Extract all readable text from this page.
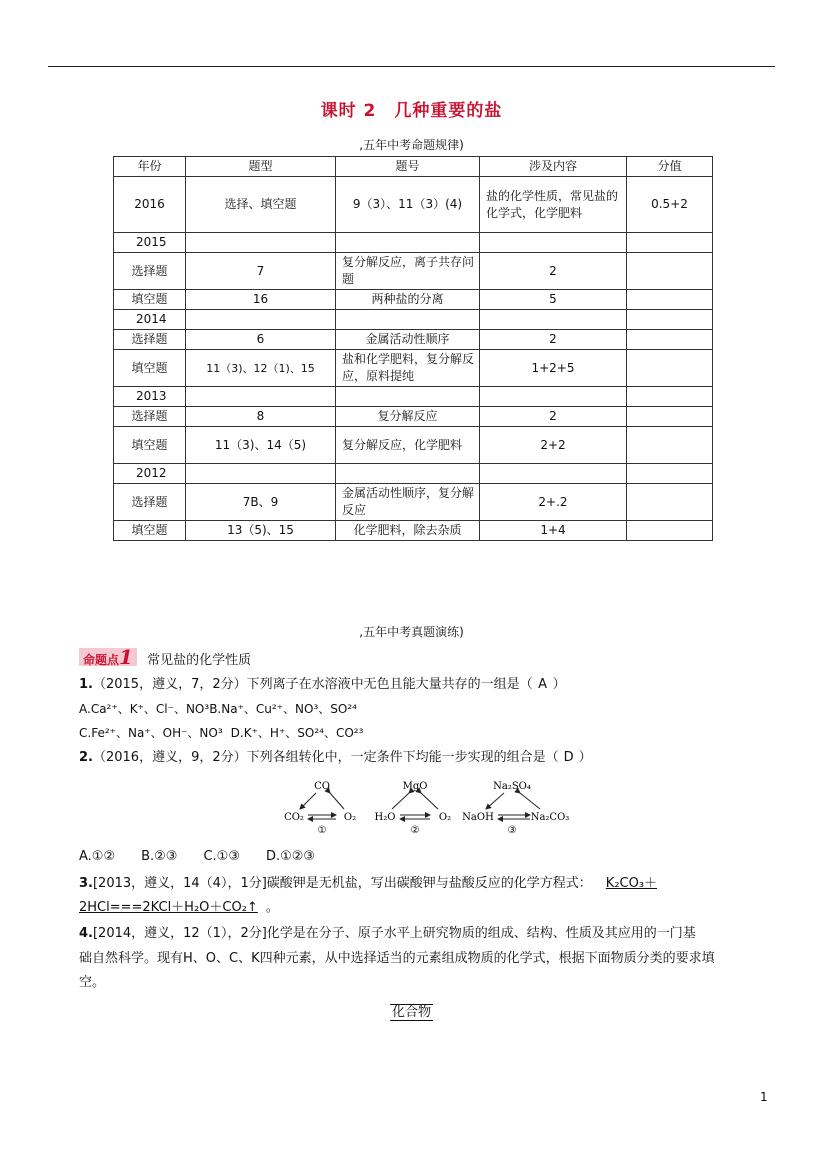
课时 2　几种重要的盐
,五年中考命题规律)
年份	题型	题号	涉及内容	分值
2016	选择、填空题	9（3）、11（3）(4)	盐的化学性质，常见盐的化学式，化学肥料	0.5+2
2015				
选择题	7	复分解反应，离子共存问题	2	
填空题	16	两种盐的分离	5	
2014				
选择题	6	金属活动性顺序	2	
填空题	11（3)、12（1)、15	盐和化学肥料，复分解反应，原料提纯	1+2+5	
2013				
选择题	8	复分解反应	2	
填空题	11（3)、14（5)	复分解反应，化学肥料	2+2	
2012				
选择题	7B、9	金属活动性顺序，复分解反应	2+.2	
填空题	13（5)、15	化学肥料，除去杂质	1+4	
,五年中考真题演练)
命题点1 常见盐的化学性质
1.（2015，遵义，7，2分）下列离子在水溶液中无色且能大量共存的一组是（ A ）
A.Ca²⁺、K⁺、Cl⁻、NO³B.Na⁺、Cu²⁺、NO³、SO²⁴
C.Fe²⁺、Na⁺、OH⁻、NO³ D.K⁺、H⁺、SO²⁴、CO²³
2.（2016，遵义，9，2分）下列各组转化中，一定条件下均能一步实现的组合是（ D ）
CO
CO₂	O₂
①
MgO
H₂O	O₂
②
Na₂SO₄
NaOH	Na₂CO₃
③
A.①②　　B.②③　　C.①③　　D.①②③
3.[2013，遵义，14（4），1分]碳酸钾是无机盐，写出碳酸钾与盐酸反应的化学方程式： K₂CO₃＋
2HCl===2KCl＋H₂O＋CO₂↑ 。
4.[2014，遵义，12（1），2分]化学是在分子、原子水平上研究物质的组成、结构、性质及其应用的一门基
础自然科学。现有H、O、C、K四种元素，从中选择适当的元素组成物质的化学式，根据下面物质分类的要求填
空。
化合物
1
